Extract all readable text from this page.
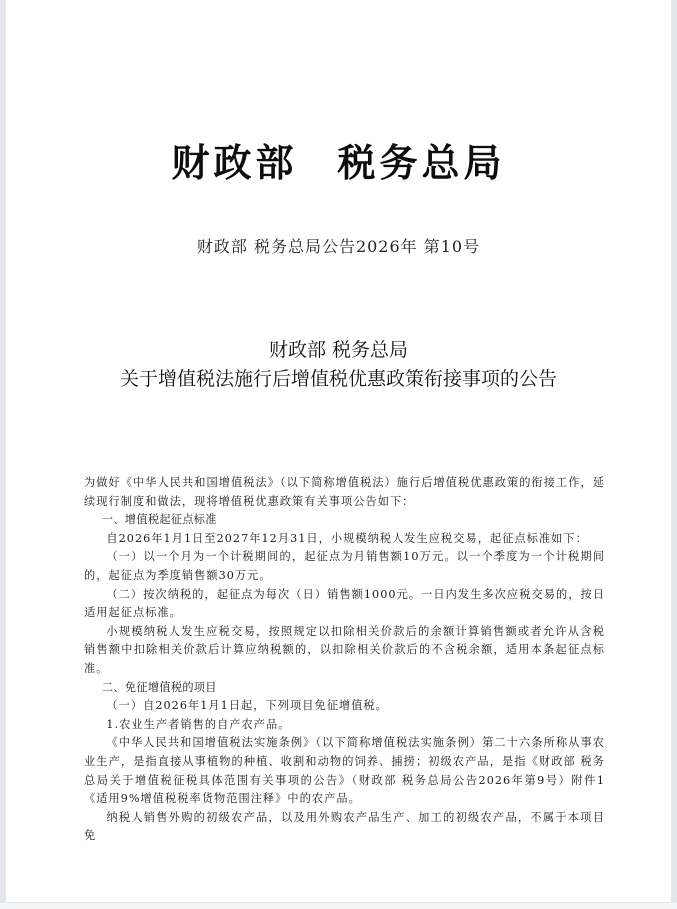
财政部 税务总局
财政部 税务总局公告2026年 第10号
财政部 税务总局
关于增值税法施行后增值税优惠政策衔接事项的公告

为做好《中华人民共和国增值税法》（以下简称增值税法）施行后增值税优惠政策的衔接工作，延续现行制度和做法，现将增值税优惠政策有关事项公告如下：

一、增值税起征点标准

自2026年1月1日至2027年12月31日，小规模纳税人发生应税交易，起征点标准如下：

（一）以一个月为一个计税期间的，起征点为月销售额10万元。以一个季度为一个计税期间的，起征点为季度销售额30万元。

（二）按次纳税的，起征点为每次（日）销售额1000元。一日内发生多次应税交易的，按日适用起征点标准。

小规模纳税人发生应税交易，按照规定以扣除相关价款后的余额计算销售额或者允许从含税销售额中扣除相关价款后计算应纳税额的，以扣除相关价款后的不含税余额，适用本条起征点标准。

二、免征增值税的项目

（一）自2026年1月1日起，下列项目免征增值税。

1.农业生产者销售的自产农产品。

《中华人民共和国增值税法实施条例》（以下简称增值税法实施条例）第二十六条所称从事农业生产，是指直接从事植物的种植、收割和动物的饲养、捕捞；初级农产品，是指《财政部 税务总局关于增值税征税具体范围有关事项的公告》（财政部 税务总局公告2026年第9号）附件1《适用9%增值税税率货物范围注释》中的农产品。

纳税人销售外购的初级农产品，以及用外购农产品生产、加工的初级农产品，不属于本项目免
